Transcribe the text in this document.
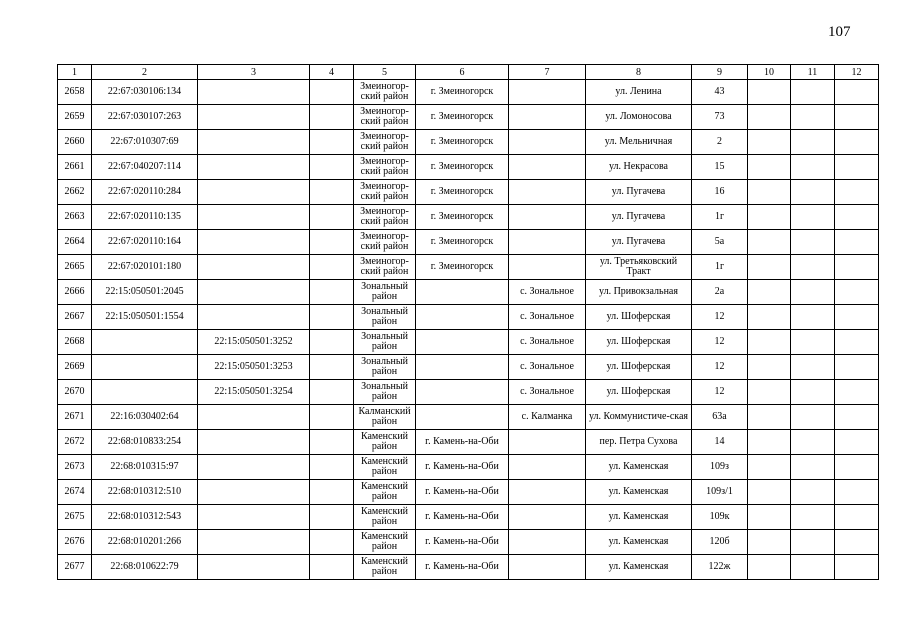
107
1	2	3	4	5	6	7	8	9	10	11	12
2658	22:67:030106:134			Змеиногор-ский район	г. Змеиногорск		ул. Ленина	43			
2659	22:67:030107:263			Змеиногор-ский район	г. Змеиногорск		ул. Ломоносова	73			
2660	22:67:010307:69			Змеиногор-ский район	г. Змеиногорск		ул. Мельничная	2			
2661	22:67:040207:114			Змеиногор-ский район	г. Змеиногорск		ул. Некрасова	15			
2662	22:67:020110:284			Змеиногор-ский район	г. Змеиногорск		ул. Пугачева	16			
2663	22:67:020110:135			Змеиногор-ский район	г. Змеиногорск		ул. Пугачева	1г			
2664	22:67:020110:164			Змеиногор-ский район	г. Змеиногорск		ул. Пугачева	5а			
2665	22:67:020101:180			Змеиногор-ский район	г. Змеиногорск		ул. Третьяковский Тракт	1г			
2666	22:15:050501:2045			Зональный район		с. Зональное	ул. Привокзальная	2а			
2667	22:15:050501:1554			Зональный район		с. Зональное	ул. Шоферская	12			
2668		22:15:050501:3252		Зональный район		с. Зональное	ул. Шоферская	12			
2669		22:15:050501:3253		Зональный район		с. Зональное	ул. Шоферская	12			
2670		22:15:050501:3254		Зональный район		с. Зональное	ул. Шоферская	12			
2671	22:16:030402:64			Калманский район		с. Калманка	ул. Коммунистиче-ская	63а			
2672	22:68:010833:254			Каменский район	г. Камень-на-Оби		пер. Петра Сухова	14			
2673	22:68:010315:97			Каменский район	г. Камень-на-Оби		ул. Каменская	109з			
2674	22:68:010312:510			Каменский район	г. Камень-на-Оби		ул. Каменская	109з/1			
2675	22:68:010312:543			Каменский район	г. Камень-на-Оби		ул. Каменская	109к			
2676	22:68:010201:266			Каменский район	г. Камень-на-Оби		ул. Каменская	120б			
2677	22:68:010622:79			Каменский район	г. Камень-на-Оби		ул. Каменская	122ж			
